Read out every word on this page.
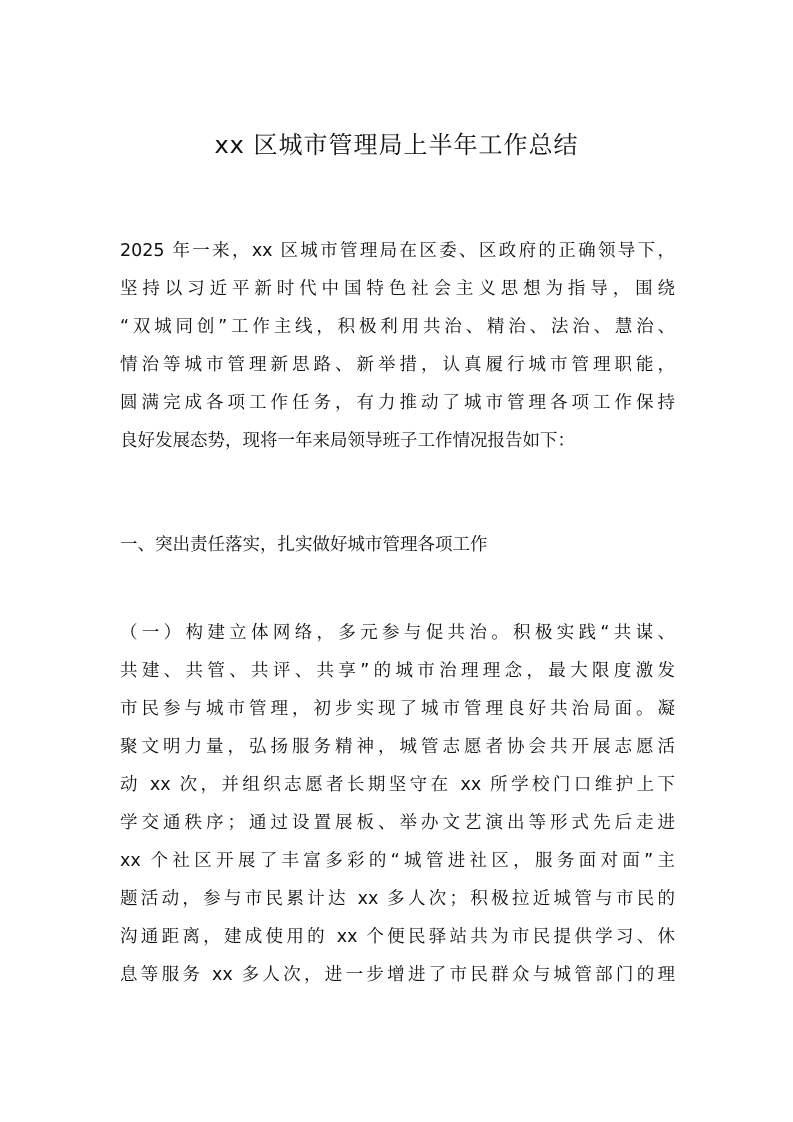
xx 区城市管理局上半年工作总结
2025 年一来，xx 区城市管理局在区委、区政府的正确领导下，
坚持以习近平新时代中国特色社会主义思想为指导，围绕
“双城同创”工作主线，积极利用共治、精治、法治、慧治、
情治等城市管理新思路、新举措，认真履行城市管理职能，
圆满完成各项工作任务，有力推动了城市管理各项工作保持
良好发展态势，现将一年来局领导班子工作情况报告如下：
一、突出责任落实，扎实做好城市管理各项工作
（一）构建立体网络，多元参与促共治。积极实践“共谋、
共建、共管、共评、共享”的城市治理理念，最大限度激发
市民参与城市管理，初步实现了城市管理良好共治局面。凝
聚文明力量，弘扬服务精神，城管志愿者协会共开展志愿活
动 xx 次，并组织志愿者长期坚守在 xx 所学校门口维护上下
学交通秩序；通过设置展板、举办文艺演出等形式先后走进
xx 个社区开展了丰富多彩的“城管进社区，服务面对面”主
题活动，参与市民累计达 xx 多人次；积极拉近城管与市民的
沟通距离，建成使用的 xx 个便民驿站共为市民提供学习、休
息等服务 xx 多人次，进一步增进了市民群众与城管部门的理
